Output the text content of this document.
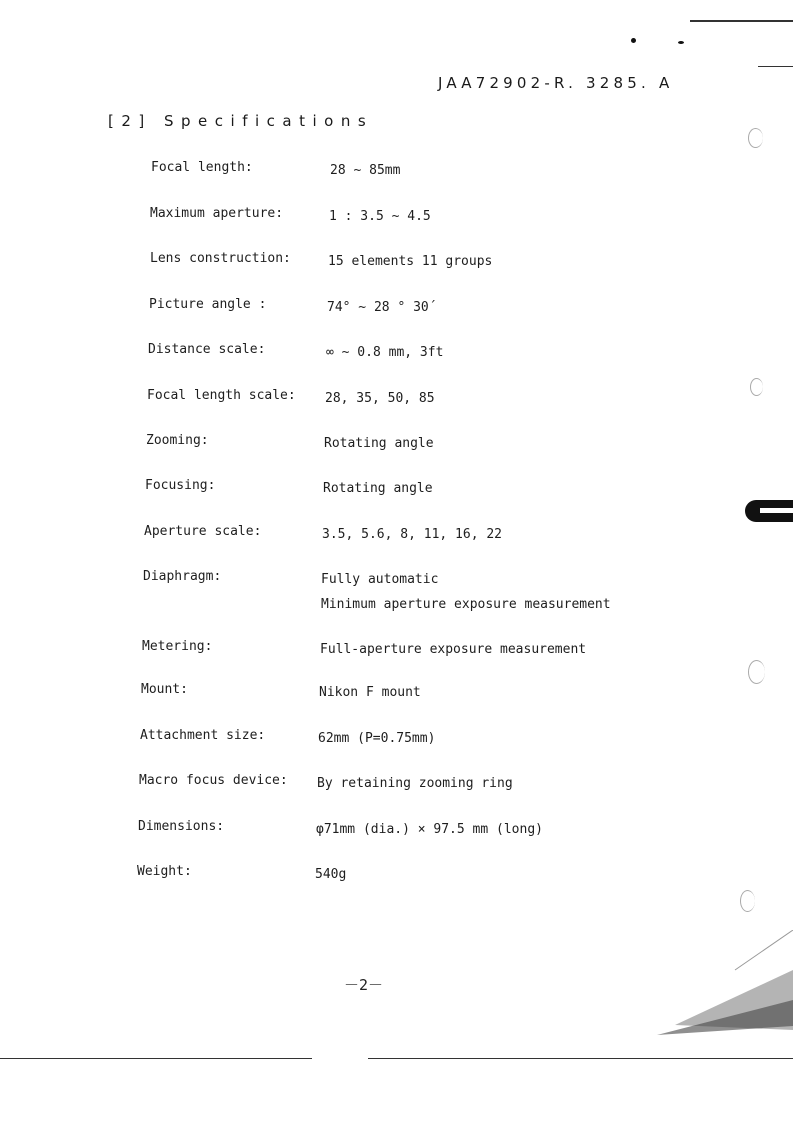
JAA72902-R. 3285. A
[2] Specifications
Focal length:	28 ~ 85mm
Maximum aperture:	1 : 3.5 ~ 4.5
Lens construction:	15 elements 11 groups
Picture angle :	74° ~ 28 ° 30´
Distance scale:	∞ ~ 0.8 mm, 3ft
Focal length scale: 28, 35, 50, 85
Zooming:	Rotating angle
Focusing:	Rotating angle
Aperture scale:	3.5, 5.6, 8, 11, 16, 22
Diaphragm:	Fully automatic
Minimum aperture exposure measurement
Metering:	Full-aperture exposure measurement
Mount:	Nikon F mount
Attachment size:	62mm (P=0.75mm)
Macro focus device: By retaining zooming ring
Dimensions:	φ71mm (dia.) × 97.5 mm (long)
Weight:	540g
－2－
